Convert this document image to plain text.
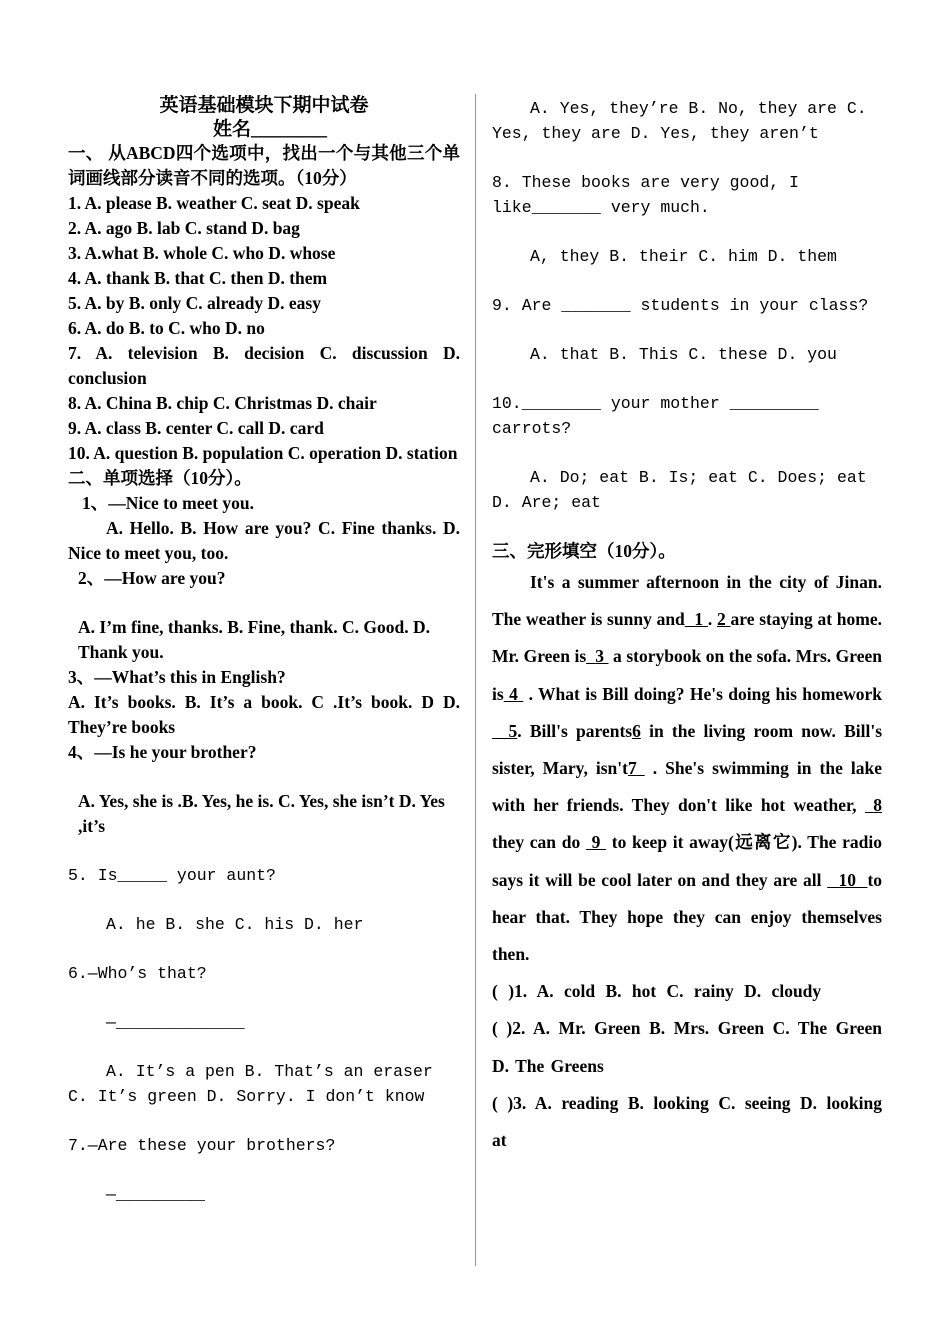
英语基础模块下期中试卷
姓名________
一、 从ABCD四个选项中，找出一个与其他三个单词画线部分读音不同的选项。（10分）
1. A. please B. weather C. seat D. speak
2. A. ago B. lab C. stand D. bag
3. A.what B. whole C. who D. whose
4. A. thank B. that C. then D. them
5. A. by B. only C. already D. easy
6. A. do B. to C. who D. no
7. A. television B. decision C. discussion D. conclusion
8. A. China B. chip C. Christmas D. chair
9. A. class B. center C. call D. card
10. A. question B. population C. operation D. station
二、单项选择（10分）。
1、—Nice to meet you.
A. Hello. B. How are you? C. Fine thanks. D. Nice to meet you, too.
2、—How are you?
A. I’m fine, thanks. B. Fine, thank. C. Good. D. Thank you.
3、—What’s this in English?
A. It’s books. B. It’s a book. C .It’s book. D D. They’re books
4、—Is he your brother?
A. Yes, she is .B. Yes, he is. C. Yes, she isn’t D. Yes ,it’s
5. Is_____ your aunt?
A. he B. she C. his D. her
6.—Who’s that?
—_____________
A. It’s a pen B. That’s an eraser C. It’s green D. Sorry. I don’t know
7.—Are these your brothers?
—_________
A. Yes, they’re B. No, they are C. Yes, they are D. Yes, they aren’t
8. These books are very good, I like_______ very much.
A, they B. their C. him D. them
9. Are _______ students in your class?
A. that B. This C. these D. you
10.________ your mother _________ carrots?
A. Do; eat B. Is; eat C. Does; eat D. Are; eat
三、完形填空（10分）。
It's a summer afternoon in the city of Jinan. The weather is sunny and 1 . 2 are staying at home. Mr. Green is 3  a storybook on the sofa. Mrs. Green is 4  . What is Bill doing? He's doing his homework   5. Bill's parents6 in the living room now. Bill's sister, Mary, isn't7  . She's swimming in the lake with her friends. They don't like hot weather,  8 they can do  9  to keep it away(远离它). The radio says it will be cool later on and they are all   10 to hear that. They hope they can enjoy themselves then.
( )1. A. cold B. hot C. rainy D. cloudy
( )2. A. Mr. Green B. Mrs. Green C. The Green D. The Greens
( )3. A. reading B. looking C. seeing D. looking at
